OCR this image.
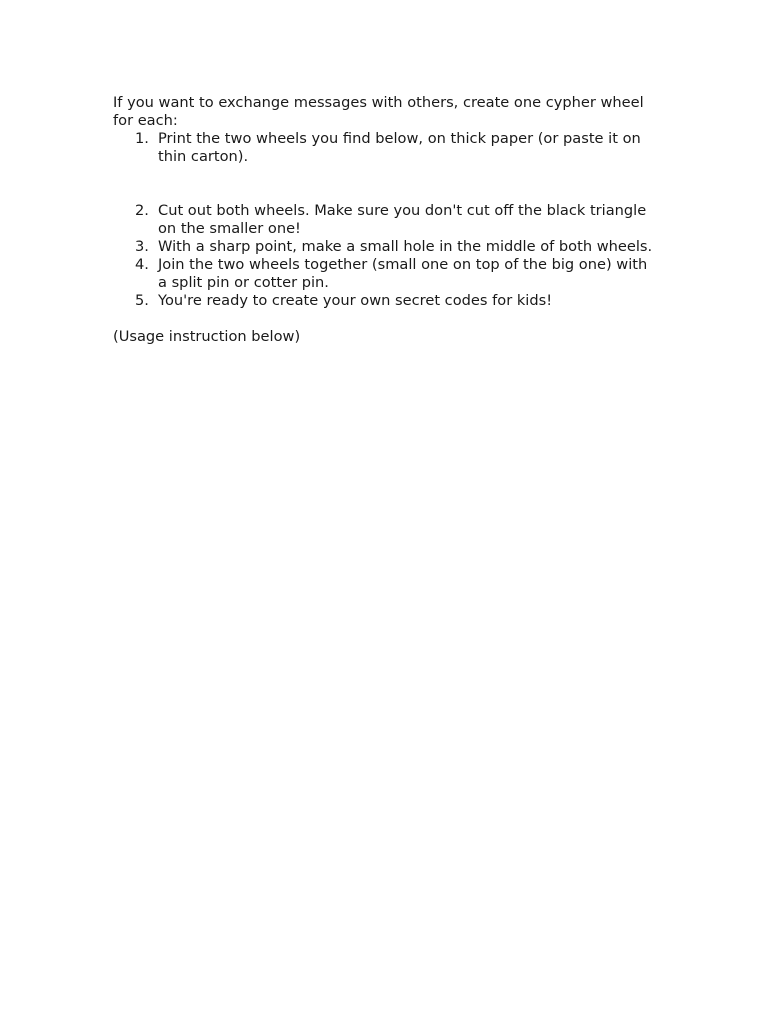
If you want to exchange messages with others, create one cypher wheel for each:

1. Print the two wheels you find below, on thick paper (or paste it on thin carton).
2. Cut out both wheels. Make sure you don't cut off the black triangle on the smaller one!
3. With a sharp point, make a small hole in the middle of both wheels.
4. Join the two wheels together (small one on top of the big one) with a split pin or cotter pin.
5. You're ready to create your own secret codes for kids!

(Usage instruction below)
